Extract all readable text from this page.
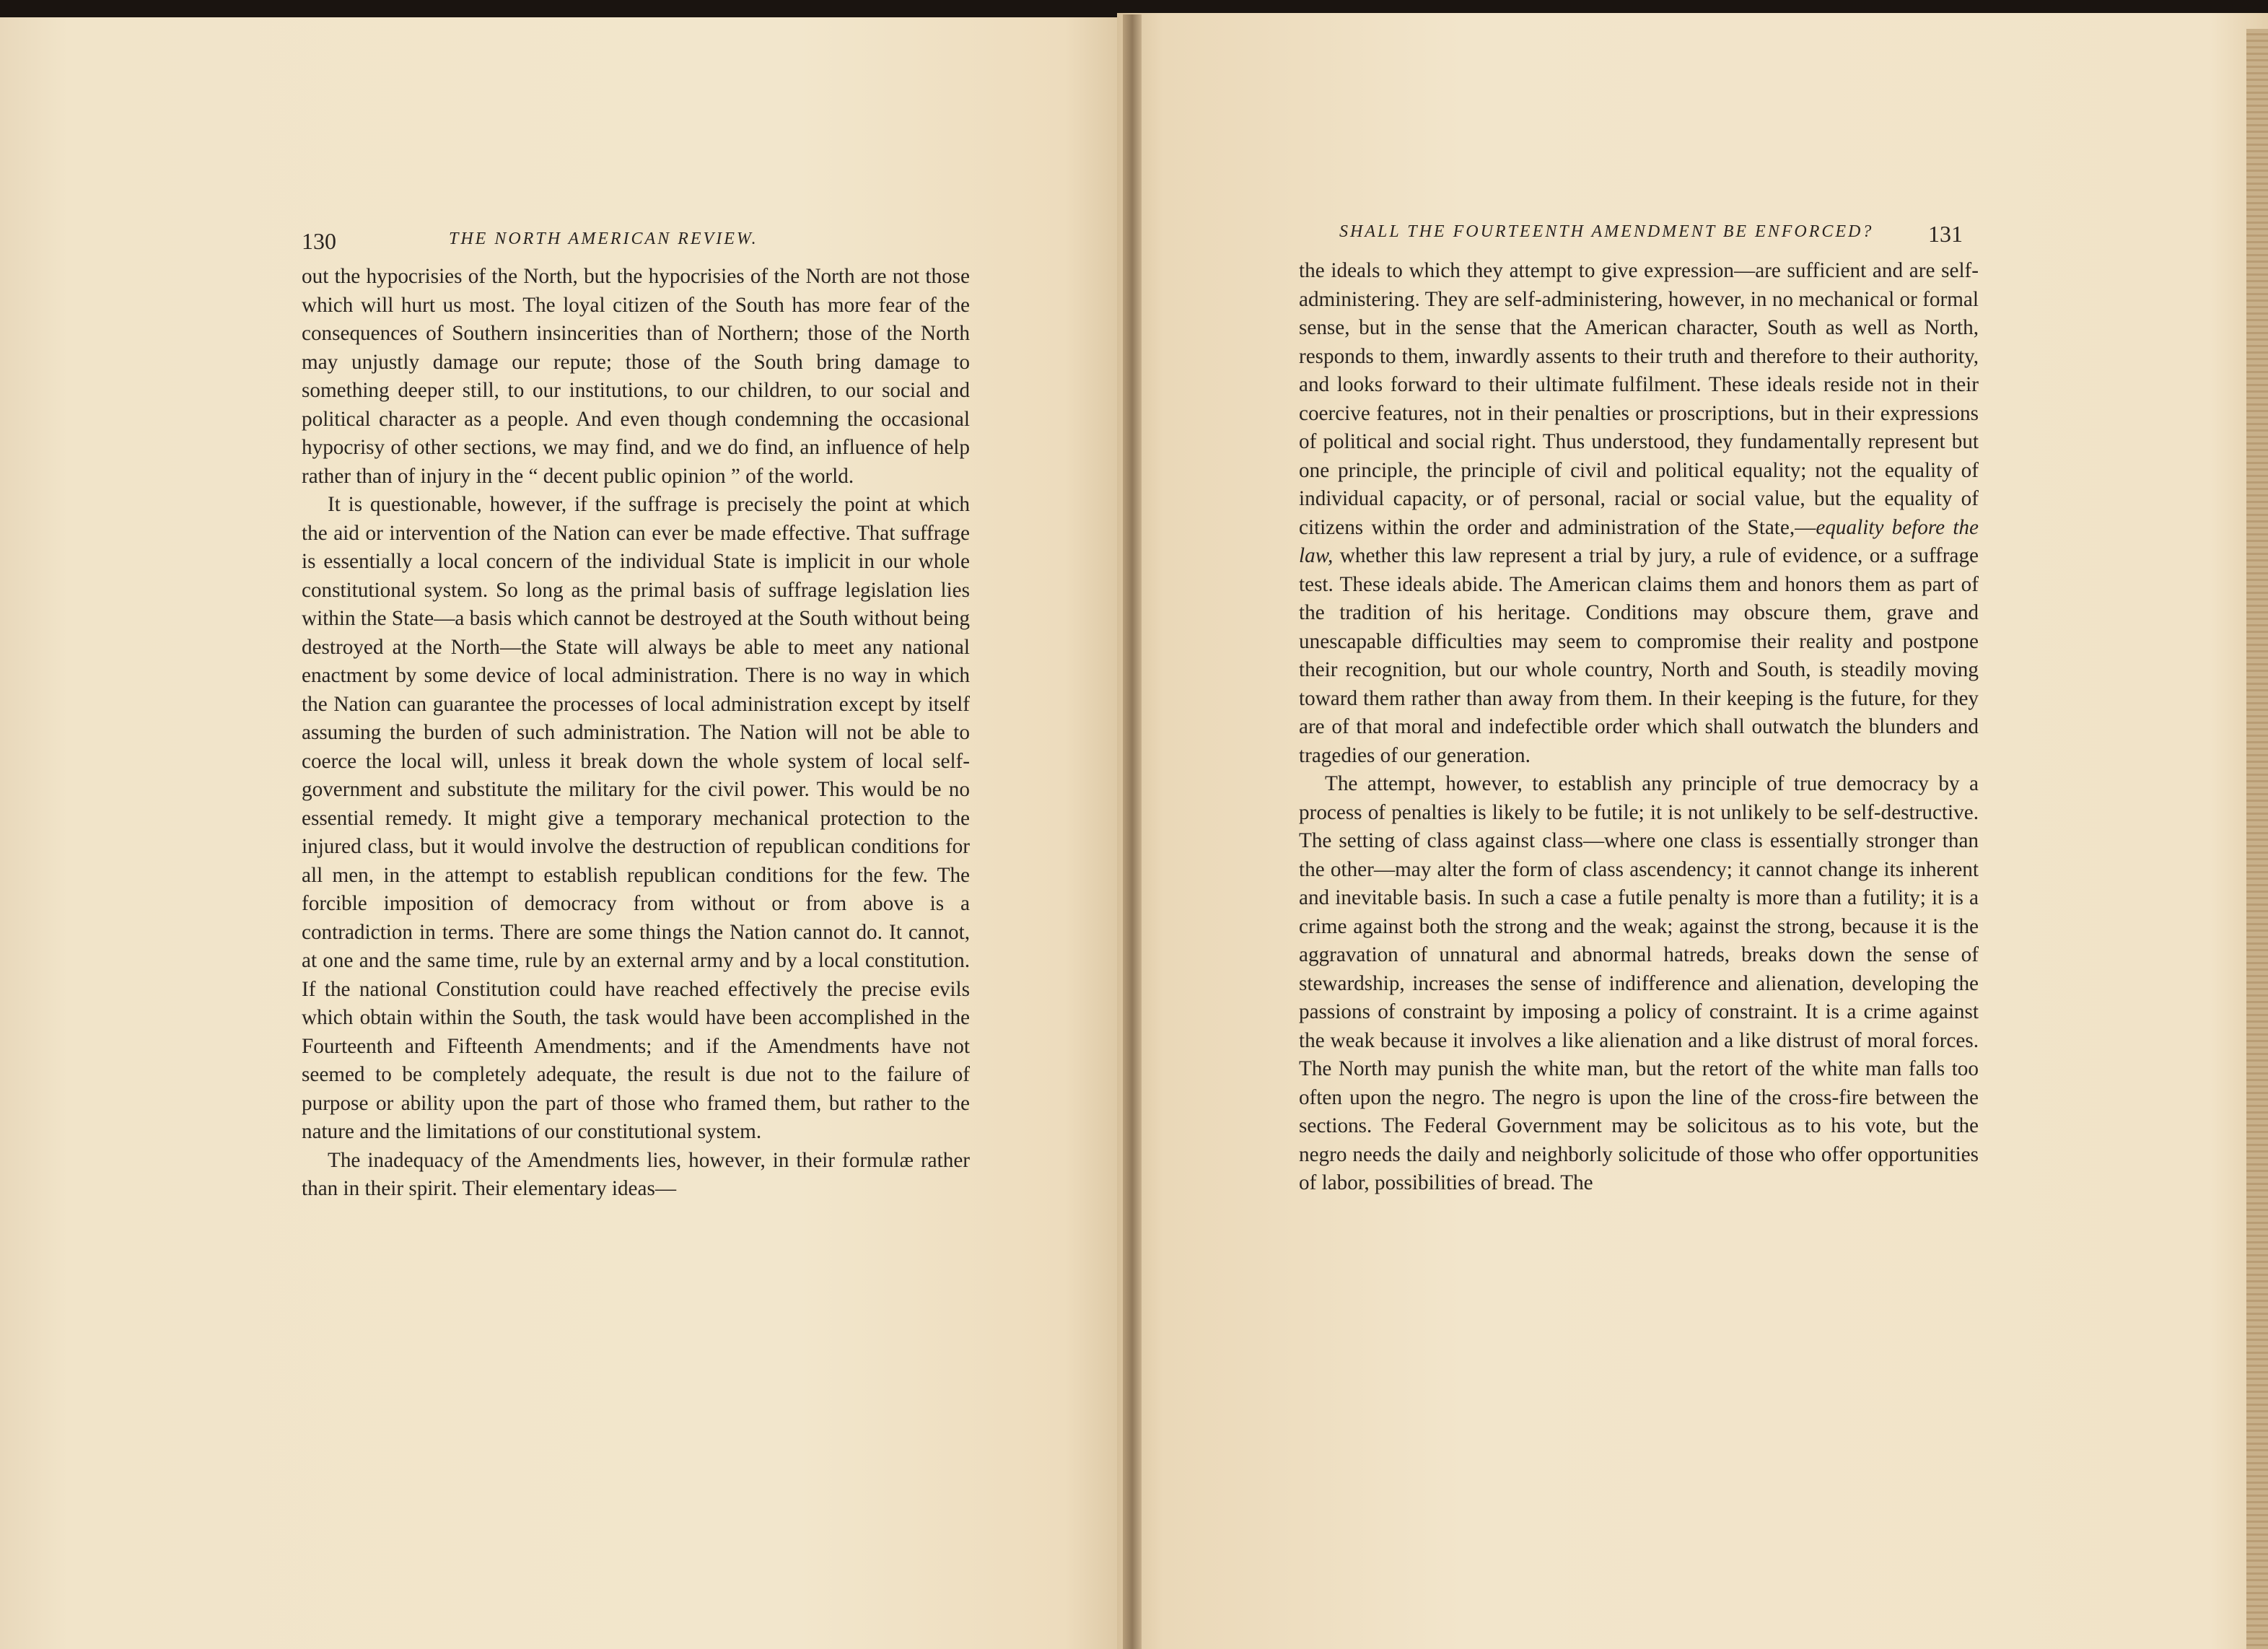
130	THE NORTH AMERICAN REVIEW.

out the hypocrisies of the North, but the hypocrisies of the North are not those which will hurt us most. The loyal citizen of the South has more fear of the consequences of Southern insincerities than of Northern; those of the North may unjustly damage our repute; those of the South bring damage to something deeper still, to our institutions, to our children, to our social and political character as a people. And even though condemning the occasional hypocrisy of other sections, we may find, and we do find, an influence of help rather than of injury in the “ decent public opinion ” of the world.

It is questionable, however, if the suffrage is precisely the point at which the aid or intervention of the Nation can ever be made effective. That suffrage is essentially a local concern of the individual State is implicit in our whole constitutional system. So long as the primal basis of suffrage legislation lies within the State—a basis which cannot be destroyed at the South without being destroyed at the North—the State will always be able to meet any national enactment by some device of local administration. There is no way in which the Nation can guarantee the processes of local administration except by itself assuming the burden of such administration. The Nation will not be able to coerce the local will, unless it break down the whole system of local self-government and substitute the military for the civil power. This would be no essential remedy. It might give a temporary mechanical protection to the injured class, but it would involve the destruction of republican conditions for all men, in the attempt to establish republican conditions for the few. The forcible imposition of democracy from without or from above is a contradiction in terms. There are some things the Nation cannot do. It cannot, at one and the same time, rule by an external army and by a local constitution. If the national Constitution could have reached effectively the precise evils which obtain within the South, the task would have been accomplished in the Fourteenth and Fifteenth Amendments; and if the Amendments have not seemed to be completely adequate, the result is due not to the failure of purpose or ability upon the part of those who framed them, but rather to the nature and the limitations of our constitutional system.

The inadequacy of the Amendments lies, however, in their formulæ rather than in their spirit. Their elementary ideas—

SHALL THE FOURTEENTH AMENDMENT BE ENFORCED? 131

the ideals to which they attempt to give expression—are sufficient and are self-administering. They are self-administering, however, in no mechanical or formal sense, but in the sense that the American character, South as well as North, responds to them, inwardly assents to their truth and therefore to their authority, and looks forward to their ultimate fulfilment. These ideals reside not in their coercive features, not in their penalties or proscriptions, but in their expressions of political and social right. Thus understood, they fundamentally represent but one principle, the principle of civil and political equality; not the equality of individual capacity, or of personal, racial or social value, but the equality of citizens within the order and administration of the State,—equality before the law, whether this law represent a trial by jury, a rule of evidence, or a suffrage test. These ideals abide. The American claims them and honors them as part of the tradition of his heritage. Conditions may obscure them, grave and unescapable difficulties may seem to compromise their reality and postpone their recognition, but our whole country, North and South, is steadily moving toward them rather than away from them. In their keeping is the future, for they are of that moral and indefectible order which shall outwatch the blunders and tragedies of our generation.

The attempt, however, to establish any principle of true democracy by a process of penalties is likely to be futile; it is not unlikely to be self-destructive. The setting of class against class—where one class is essentially stronger than the other—may alter the form of class ascendency; it cannot change its inherent and inevitable basis. In such a case a futile penalty is more than a futility; it is a crime against both the strong and the weak; against the strong, because it is the aggravation of unnatural and abnormal hatreds, breaks down the sense of stewardship, increases the sense of indifference and alienation, developing the passions of constraint by imposing a policy of constraint. It is a crime against the weak because it involves a like alienation and a like distrust of moral forces. The North may punish the white man, but the retort of the white man falls too often upon the negro. The negro is upon the line of the cross-fire between the sections. The Federal Government may be solicitous as to his vote, but the negro needs the daily and neighborly solicitude of those who offer opportunities of labor, possibilities of bread. The
